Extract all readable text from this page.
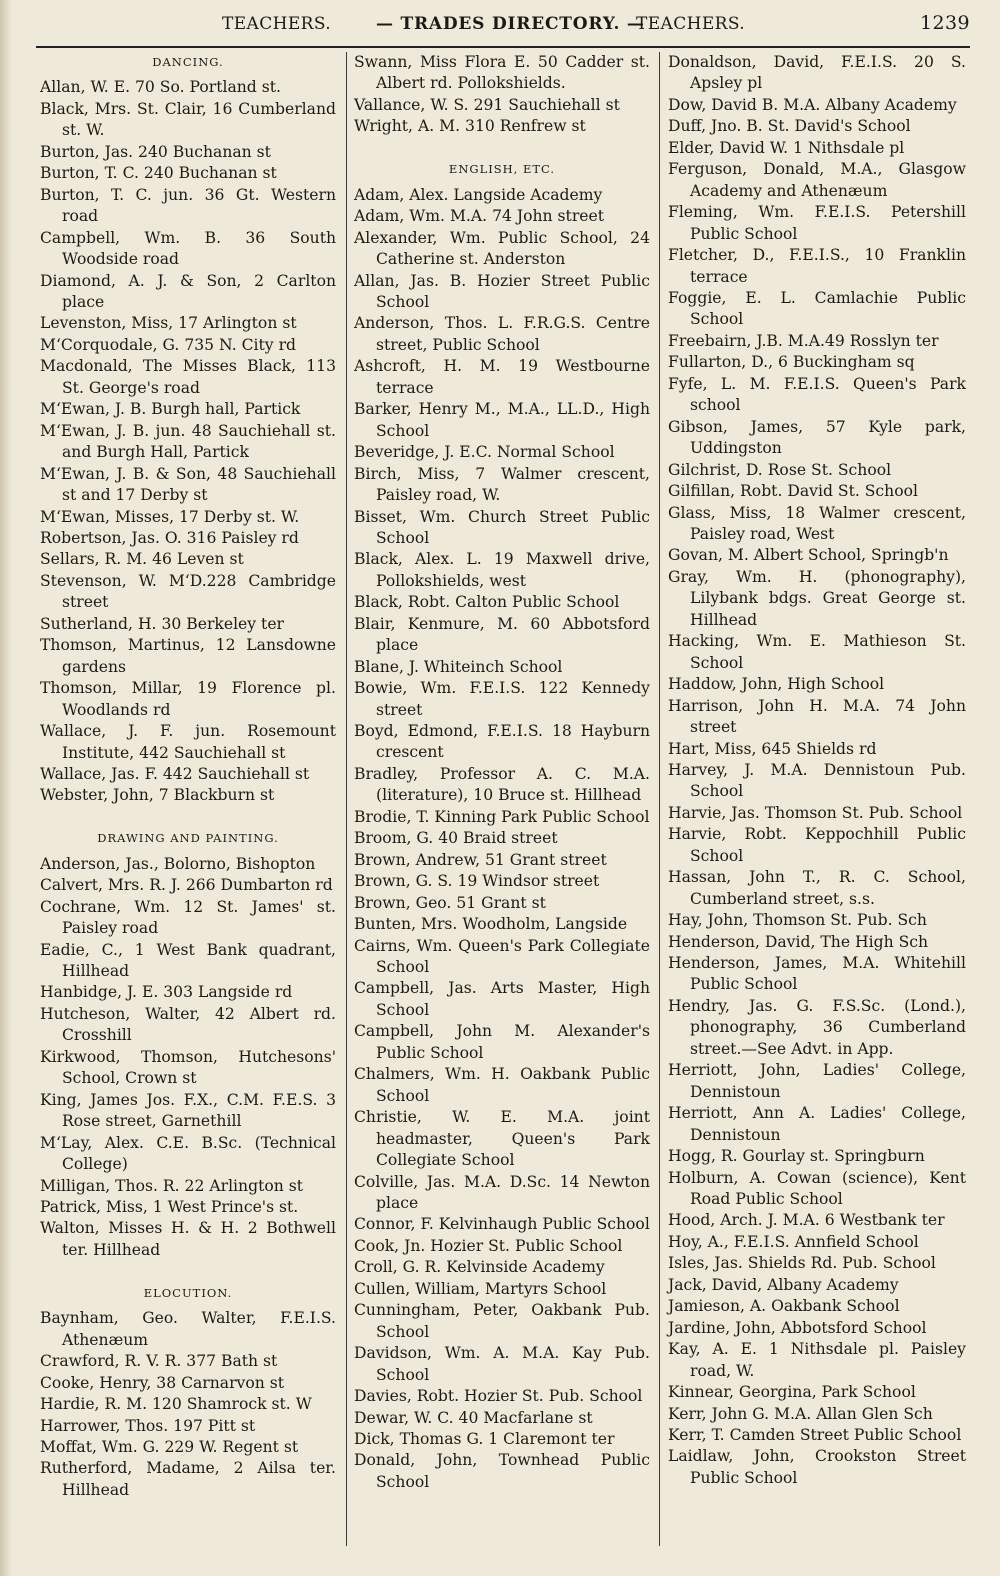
TEACHERS.	— TRADES DIRECTORY. —
TEACHERS.	1239
DANCING.
Allan, W. E. 70 So. Portland st.
Black, Mrs. St. Clair, 16 Cumberland st. W.
Burton, Jas. 240 Buchanan st
Burton, T. C. 240 Buchanan st
Burton, T. C. jun. 36 Gt. Western road
Campbell, Wm. B. 36 South Woodside road
Diamond, A. J. & Son, 2 Carlton place
Levenston, Miss, 17 Arlington st
M‘Corquodale, G. 735 N. City rd
Macdonald, The Misses Black, 113 St. George's road
M‘Ewan, J. B. Burgh hall, Partick
M‘Ewan, J. B. jun. 48 Sauchiehall st. and Burgh Hall, Partick
M‘Ewan, J. B. & Son, 48 Sauchiehall st and 17 Derby st
M‘Ewan, Misses, 17 Derby st. W.
Robertson, Jas. O. 316 Paisley rd
Sellars, R. M. 46 Leven st
Stevenson, W. M‘D.228 Cambridge street
Sutherland, H. 30 Berkeley ter
Thomson, Martinus, 12 Lansdowne gardens
Thomson, Millar, 19 Florence pl. Woodlands rd
Wallace, J. F. jun. Rosemount Institute, 442 Sauchiehall st
Wallace, Jas. F. 442 Sauchiehall st
Webster, John, 7 Blackburn st
DRAWING AND PAINTING.
Anderson, Jas., Bolorno, Bishopton
Calvert, Mrs. R. J. 266 Dumbarton rd
Cochrane, Wm. 12 St. James' st. Paisley road
Eadie, C., 1 West Bank quadrant, Hillhead
Hanbidge, J. E. 303 Langside rd
Hutcheson, Walter, 42 Albert rd. Crosshill
Kirkwood, Thomson, Hutchesons' School, Crown st
King, James Jos. F.X., C.M. F.E.S. 3 Rose street, Garnethill
M‘Lay, Alex. C.E. B.Sc. (Technical College)
Milligan, Thos. R. 22 Arlington st
Patrick, Miss, 1 West Prince's st.
Walton, Misses H. & H. 2 Bothwell ter. Hillhead
ELOCUTION.
Baynham, Geo. Walter, F.E.I.S. Athenæum
Crawford, R. V. R. 377 Bath st
Cooke, Henry, 38 Carnarvon st
Hardie, R. M. 120 Shamrock st. W
Harrower, Thos. 197 Pitt st
Moffat, Wm. G. 229 W. Regent st
Rutherford, Madame, 2 Ailsa ter. Hillhead
Swann, Miss Flora E. 50 Cadder st. Albert rd. Pollokshields.
Vallance, W. S. 291 Sauchiehall st
Wright, A. M. 310 Renfrew st
ENGLISH, ETC.
Adam, Alex. Langside Academy
Adam, Wm. M.A. 74 John street
Alexander, Wm. Public School, 24 Catherine st. Anderston
Allan, Jas. B. Hozier Street Public School
Anderson, Thos. L. F.R.G.S. Centre street, Public School
Ashcroft, H. M. 19 Westbourne terrace
Barker, Henry M., M.A., LL.D., High School
Beveridge, J. E.C. Normal School
Birch, Miss, 7 Walmer crescent, Paisley road, W.
Bisset, Wm. Church Street Public School
Black, Alex. L. 19 Maxwell drive, Pollokshields, west
Black, Robt. Calton Public School
Blair, Kenmure, M. 60 Abbotsford place
Blane, J. Whiteinch School
Bowie, Wm. F.E.I.S. 122 Kennedy street
Boyd, Edmond, F.E.I.S. 18 Hayburn crescent
Bradley, Professor A. C. M.A. (literature), 10 Bruce st. Hillhead
Brodie, T. Kinning Park Public School
Broom, G. 40 Braid street
Brown, Andrew, 51 Grant street
Brown, G. S. 19 Windsor street
Brown, Geo. 51 Grant st
Bunten, Mrs. Woodholm, Langside
Cairns, Wm. Queen's Park Collegiate School
Campbell, Jas. Arts Master, High School
Campbell, John M. Alexander's Public School
Chalmers, Wm. H. Oakbank Public School
Christie, W. E. M.A. joint headmaster, Queen's Park Collegiate School
Colville, Jas. M.A. D.Sc. 14 Newton place
Connor, F. Kelvinhaugh Public School
Cook, Jn. Hozier St. Public School
Croll, G. R. Kelvinside Academy
Cullen, William, Martyrs School
Cunningham, Peter, Oakbank Pub. School
Davidson, Wm. A. M.A. Kay Pub. School
Davies, Robt. Hozier St. Pub. School
Dewar, W. C. 40 Macfarlane st
Dick, Thomas G. 1 Claremont ter
Donald, John, Townhead Public School
Donaldson, David, F.E.I.S. 20 S. Apsley pl
Dow, David B. M.A. Albany Academy
Duff, Jno. B. St. David's School
Elder, David W. 1 Nithsdale pl
Ferguson, Donald, M.A., Glasgow Academy and Athenæum
Fleming, Wm. F.E.I.S. Petershill Public School
Fletcher, D., F.E.I.S., 10 Franklin terrace
Foggie, E. L. Camlachie Public School
Freebairn, J.B. M.A.49 Rosslyn ter
Fullarton, D., 6 Buckingham sq
Fyfe, L. M. F.E.I.S. Queen's Park school
Gibson, James, 57 Kyle park, Uddingston
Gilchrist, D. Rose St. School
Gilfillan, Robt. David St. School
Glass, Miss, 18 Walmer crescent, Paisley road, West
Govan, M. Albert School, Springb'n
Gray, Wm. H. (phonography), Lilybank bdgs. Great George st. Hillhead
Hacking, Wm. E. Mathieson St. School
Haddow, John, High School
Harrison, John H. M.A. 74 John street
Hart, Miss, 645 Shields rd
Harvey, J. M.A. Dennistoun Pub. School
Harvie, Jas. Thomson St. Pub. School
Harvie, Robt. Keppochhill Public School
Hassan, John T., R. C. School, Cumberland street, s.s.
Hay, John, Thomson St. Pub. Sch
Henderson, David, The High Sch
Henderson, James, M.A. Whitehill Public School
Hendry, Jas. G. F.S.Sc. (Lond.), phonography, 36 Cumberland street.—See Advt. in App.
Herriott, John, Ladies' College, Dennistoun
Herriott, Ann A. Ladies' College, Dennistoun
Hogg, R. Gourlay st. Springburn
Holburn, A. Cowan (science), Kent Road Public School
Hood, Arch. J. M.A. 6 Westbank ter
Hoy, A., F.E.I.S. Annfield School
Isles, Jas. Shields Rd. Pub. School
Jack, David, Albany Academy
Jamieson, A. Oakbank School
Jardine, John, Abbotsford School
Kay, A. E. 1 Nithsdale pl. Paisley road, W.
Kinnear, Georgina, Park School
Kerr, John G. M.A. Allan Glen Sch
Kerr, T. Camden Street Public School
Laidlaw, John, Crookston Street Public School
